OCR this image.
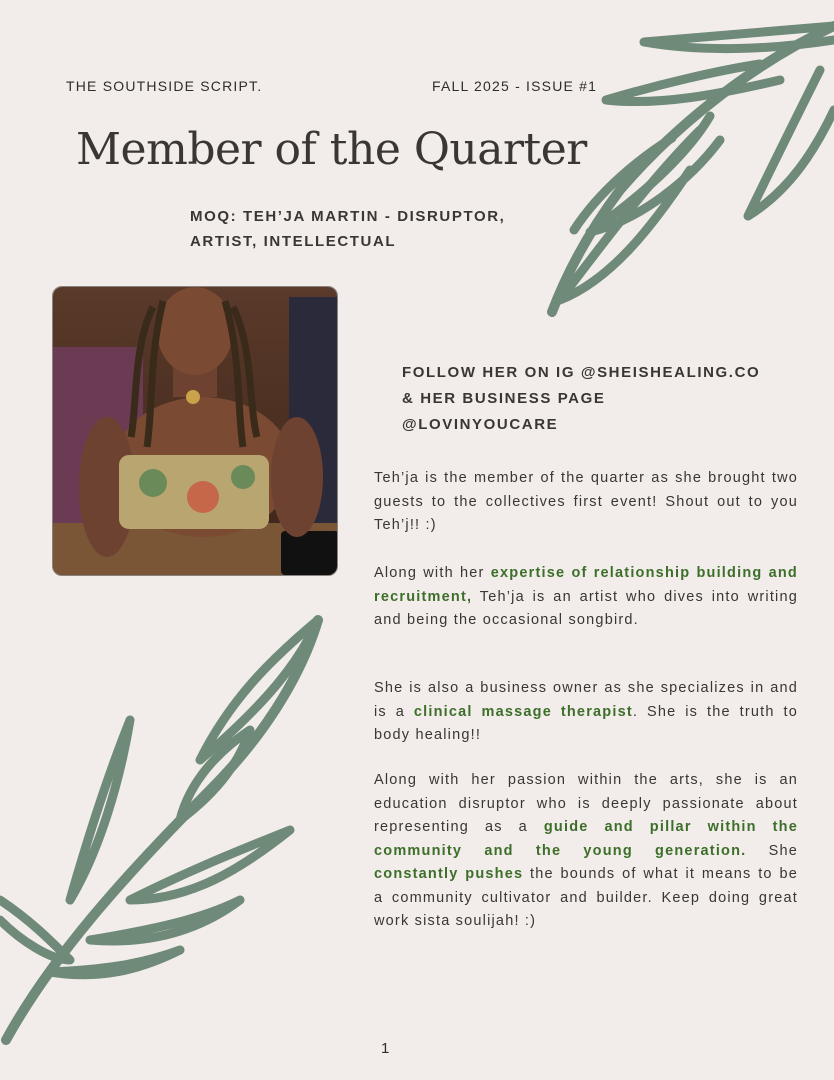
THE SOUTHSIDE SCRIPT.	FALL 2025 - ISSUE #1
Member of the Quarter
MOQ: TEH’JA MARTIN - DISRUPTOR, ARTIST, INTELLECTUAL
FOLLOW HER ON IG @SHEISHEALING.CO & HER BUSINESS PAGE @LOVINYOUCARE

Teh’ja is the member of the quarter as she brought two guests to the collectives first event! Shout out to you Teh’j!! :)

Along with her expertise of relationship building and recruitment, Teh’ja is an artist who dives into writing and being the occasional songbird.

She is also a business owner as she specializes in and is a clinical massage therapist. She is the truth to body healing!!

Along with her passion within the arts, she is an education disruptor who is deeply passionate about representing as a guide and pillar within the community and the young generation. She constantly pushes the bounds of what it means to be a community cultivator and builder. Keep doing great work sista soulijah! :)

1
